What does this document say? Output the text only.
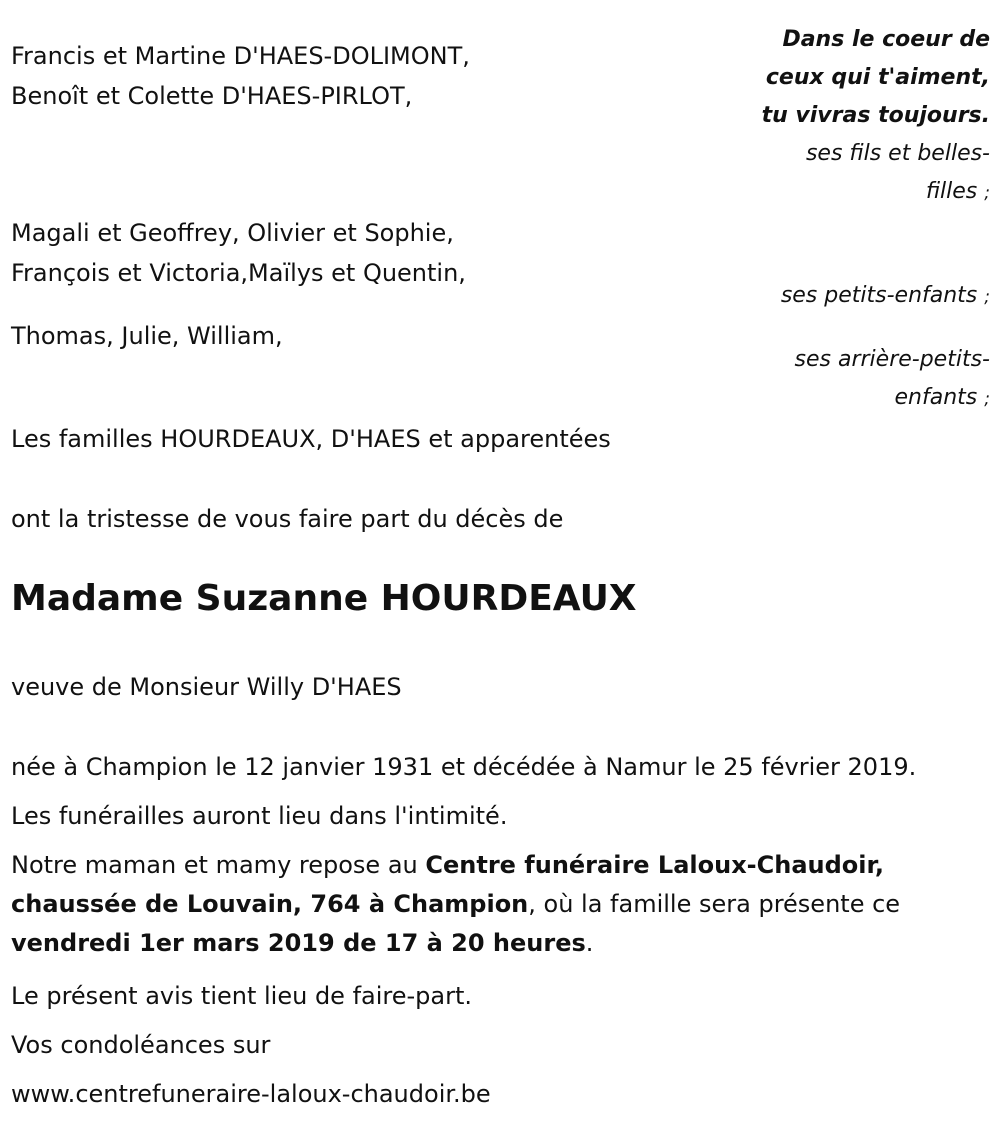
Francis et Martine D'HAES-DOLIMONT,
Benoît et Colette D'HAES-PIRLOT,
Magali et Geoffrey, Olivier et Sophie,
François et Victoria,Maïlys et Quentin,
Thomas, Julie, William,
Les familles HOURDEAUX, D'HAES et apparentées
Dans le coeur de
ceux qui t'aiment,
tu vivras toujours.
ses fils et belles-
filles ;
ses petits-enfants ;
ses arrière-petits-
enfants ;
ont la tristesse de vous faire part du décès de
Madame Suzanne HOURDEAUX
veuve de Monsieur Willy D'HAES
née à Champion le 12 janvier 1931 et décédée à Namur le 25 février 2019.
Les funérailles auront lieu dans l'intimité.
Notre maman et mamy repose au Centre funéraire Laloux-Chaudoir, chaussée de Louvain, 764 à Champion, où la famille sera présente ce vendredi 1er mars 2019 de 17 à 20 heures.
Le présent avis tient lieu de faire-part.
Vos condoléances sur
www.centrefuneraire-laloux-chaudoir.be
